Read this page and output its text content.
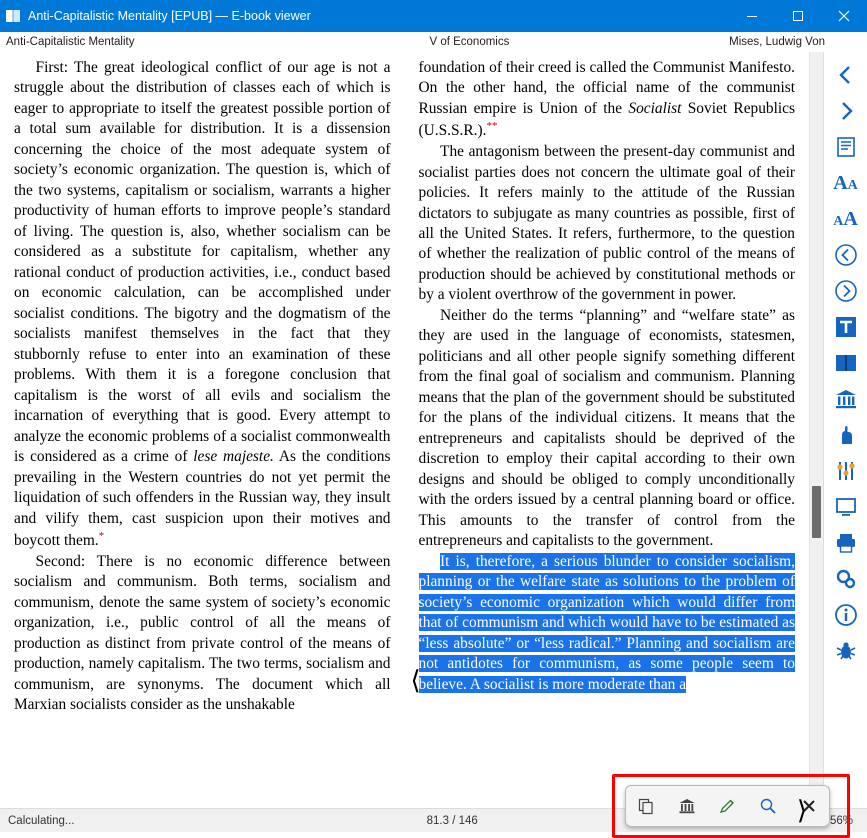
Anti-Capitalistic Mentality [EPUB] — E-book viewer
Anti-Capitalistic Mentality	V of Economics	Mises, Ludwig Von

First: The great ideological conflict of our age is not a struggle about the distribution of classes each of which is eager to appropriate to itself the greatest possible portion of a total sum available for distribution. It is a dissension concerning the choice of the most adequate system of society’s economic organization. The question is, which of the two systems, capitalism or socialism, warrants a higher productivity of human efforts to improve people’s standard of living. The question is, also, whether socialism can be considered as a substitute for capitalism, whether any rational conduct of production activities, i.e., conduct based on economic calculation, can be accomplished under socialist conditions. The bigotry and the dogmatism of the socialists manifest themselves in the fact that they stubbornly refuse to enter into an examination of these problems. With them it is a foregone conclusion that capitalism is the worst of all evils and socialism the incarnation of everything that is good. Every attempt to analyze the economic problems of a socialist commonwealth is considered as a crime of lese majeste. As the conditions prevailing in the Western countries do not yet permit the liquidation of such offenders in the Russian way, they insult and vilify them, cast suspicion upon their motives and boycott them.*

Second: There is no economic difference between socialism and communism. Both terms, socialism and communism, denote the same system of society’s economic organization, i.e., public control of all the means of production as distinct from private control of the means of production, namely capitalism. The two terms, socialism and communism, are synonyms. The document which all Marxian socialists consider as the unshakable

foundation of their creed is called the Communist Manifesto. On the other hand, the official name of the communist Russian empire is Union of the Socialist Soviet Republics (U.S.S.R.).**

The antagonism between the present-day communist and socialist parties does not concern the ultimate goal of their policies. It refers mainly to the attitude of the Russian dictators to subjugate as many countries as possible, first of all the United States. It refers, furthermore, to the question of whether the realization of public control of the means of production should be achieved by constitutional methods or by a violent overthrow of the government in power.

Neither do the terms “planning” and “welfare state” as they are used in the language of economists, statesmen, politicians and all other people signify something different from the final goal of socialism and communism. Planning means that the plan of the government should be substituted for the plans of the individual citizens. It means that the entrepreneurs and capitalists should be deprived of the discretion to employ their capital according to their own designs and should be obliged to comply unconditionally with the orders issued by a central planning board or office. This amounts to the transfer of control from the entrepreneurs and capitalists to the government.

It is, therefore, a serious blunder to consider socialism, planning or the welfare state as solutions to the problem of society’s economic organization which would differ from that of communism and which would have to be estimated as “less absolute” or “less radical.” Planning and socialism are not antidotes for communism, as some people seem to believe. A socialist is more moderate than a

⟨
⟩
AA
AA
Calculating...	81.3 / 146	56%
